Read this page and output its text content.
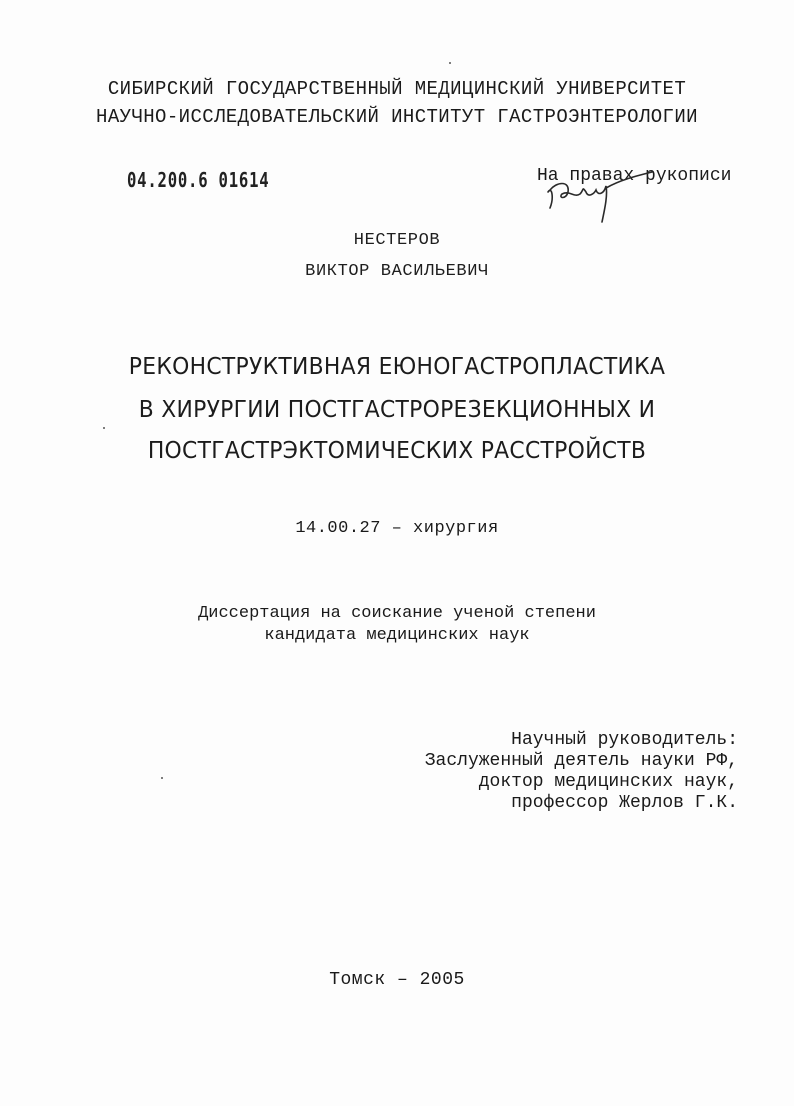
СИБИРСКИЙ ГОСУДАРСТВЕННЫЙ МЕДИЦИНСКИЙ УНИВЕРСИТЕТ
НАУЧНО-ИССЛЕДОВАТЕЛЬСКИЙ ИНСТИТУТ ГАСТРОЭНТЕРОЛОГИИ
04.200.6 01614	На правах рукописи
НЕСТЕРОВ
ВИКТОР ВАСИЛЬЕВИЧ
РЕКОНСТРУКТИВНАЯ ЕЮНОГАСТРОПЛАСТИКА
В ХИРУРГИИ ПОСТГАСТРОРЕЗЕКЦИОННЫХ И
ПОСТГАСТРЭКТОМИЧЕСКИХ РАССТРОЙСТВ
14.00.27 – хирургия
Диссертация на соискание ученой степени
кандидата медицинских наук
Научный руководитель:
Заслуженный деятель науки РФ,
доктор медицинских наук,
профессор Жерлов Г.К.
Томск – 2005
